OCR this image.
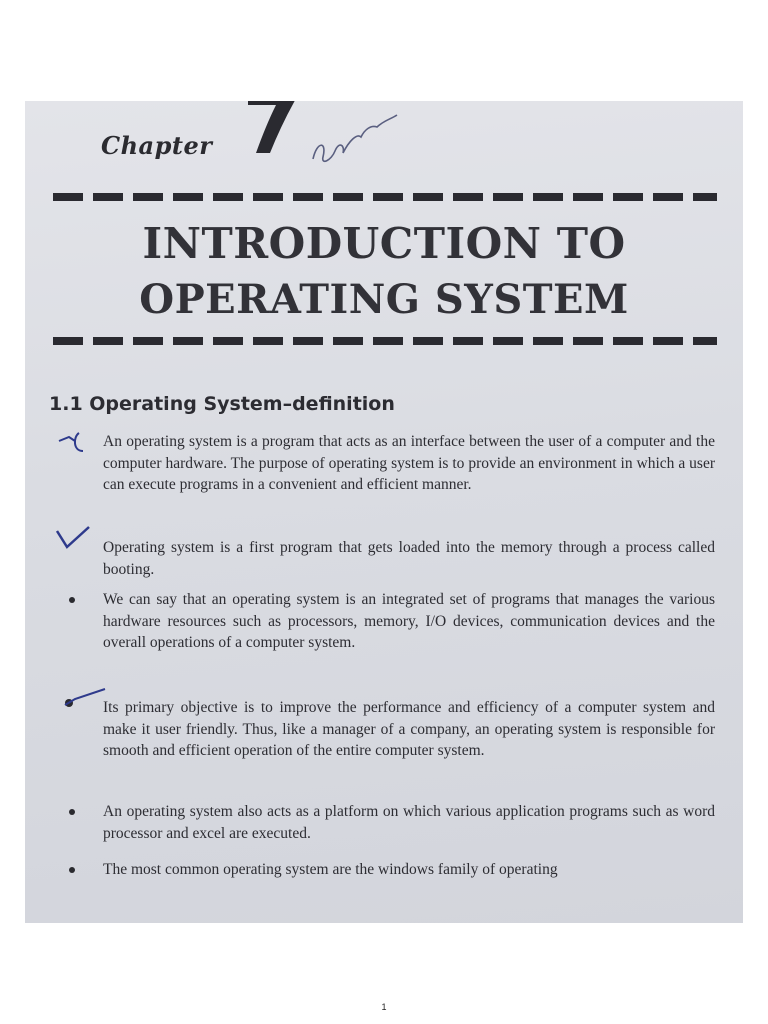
Chapter
INTRODUCTION TO
OPERATING SYSTEM
1.1 Operating System–definition
An operating system is a program that acts as an interface between the user of a computer and the computer hardware. The purpose of operating system is to provide an environment in which a user can execute programs in a convenient and efficient manner.
Operating system is a first program that gets loaded into the memory through a process called booting.
We can say that an operating system is an integrated set of programs that manages the various hardware resources such as processors, memory, I/O devices, communication devices and the overall operations of a computer system.
Its primary objective is to improve the performance and efficiency of a computer system and make it user friendly. Thus, like a manager of a company, an operating system is responsible for smooth and efficient operation of the entire computer system.
An operating system also acts as a platform on which various application programs such as word processor and excel are executed.
The most common operating system are the windows family of operating
1
